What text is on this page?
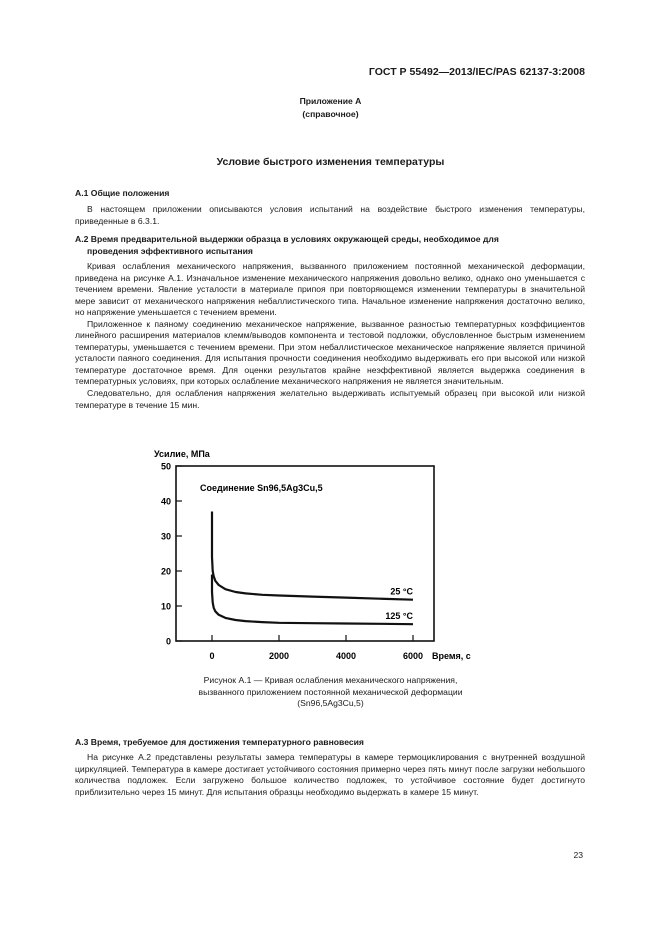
ГОСТ Р 55492—2013/IEC/PAS 62137-3:2008
Приложение А
(справочное)
Условие быстрого изменения температуры
А.1 Общие положения

В настоящем приложении описываются условия испытаний на воздействие быстрого изменения температуры, приведенные в 6.3.1.

А.2 Время предварительной выдержки образца в условиях окружающей среды, необходимое для
проведения эффективного испытания

Кривая ослабления механического напряжения, вызванного приложением постоянной механической деформации, приведена на рисунке А.1. Изначальное изменение механического напряжения довольно велико, однако оно уменьшается с течением времени. Явление усталости в материале припоя при повторяющемся изменении температуры в значительной мере зависит от механического напряжения небаллистического типа. Начальное изменение напряжения достаточно велико, но напряжение уменьшается с течением времени.

Приложенное к паяному соединению механическое напряжение, вызванное разностью температурных коэффициентов линейного расширения материалов клемм/выводов компонента и тестовой подложки, обусловленное быстрым изменением температуры, уменьшается с течением времени. При этом небаллистическое механическое напряжение является причиной усталости паяного соединения. Для испытания прочности соединения необходимо выдерживать его при высокой или низкой температуре достаточное время. Для оценки результатов крайне неэффективной является выдержка соединения в температурных условиях, при которых ослабление механического напряжения не является значительным.

Следовательно, для ослабления напряжения желательно выдерживать испытуемый образец при высокой или низкой температуре в течение 15 мин.

Усилие, МПа
0
10
20
30
40
50
0	2000	4000	6000 Время, с
Соединение Sn96,5Ag3Cu,5
25 °С
125 °С
Рисунок А.1 — Кривая ослабления механического напряжения,
вызванного приложением постоянной механической деформации
(Sn96,5Ag3Cu,5)
А.3 Время, требуемое для достижения температурного равновесия

На рисунке А.2 представлены результаты замера температуры в камере термоциклирования с внутренней воздушной циркуляцией. Температура в камере достигает устойчивого состояния примерно через пять минут после загрузки небольшого количества подложек. Если загружено большое количество подложек, то устойчивое состояние будет достигнуто приблизительно через 15 минут. Для испытания образцы необходимо выдержать в камере 15 минут.

23
